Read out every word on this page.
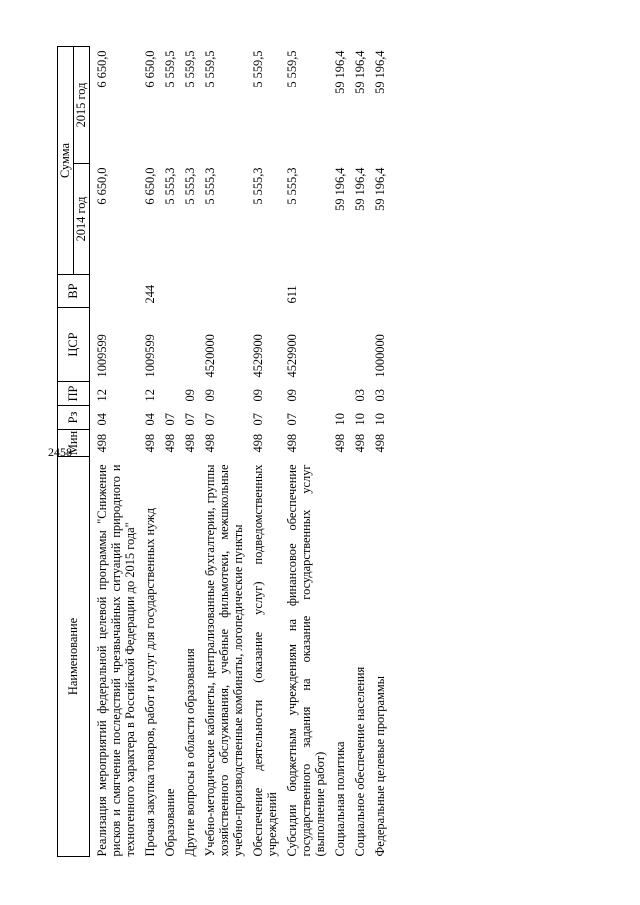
2458
Наименование	Мин	Рз	ПР	ЦСР	ВР	Сумма	
						2014 год	2015 год
Реализация мероприятий федеральной целевой программы "Снижение рисков и смягчение последствий чрезвычайных ситуаций природного и техногенного характера в Российской Федерации до 2015 года"	498	04	12	1009599		6 650,0	6 650,0
Прочая закупка товаров, работ и услуг для государственных нужд	498	04	12	1009599	244	6 650,0	6 650,0
Образование	498	07				5 555,3	5 559,5
Другие вопросы в области образования	498	07	09			5 555,3	5 559,5
Учебно-методические кабинеты, централизованные бухгалтерии, группы хозяйственного обслуживания, учебные фильмотеки, межшкольные учебно-производственные комбинаты, логопедические пункты	498	07	09	4520000		5 555,3	5 559,5
Обеспечение деятельности (оказание услуг) подведомственных учреждений	498	07	09	4529900		5 555,3	5 559,5
Субсидии бюджетным учреждениям на финансовое обеспечение государственного задания на оказание государственных услуг (выполнение работ)	498	07	09	4529900	611	5 555,3	5 559,5
Социальная политика	498	10				59 196,4	59 196,4
Социальное обеспечение населения	498	10	03			59 196,4	59 196,4
Федеральные целевые программы	498	10	03	1000000		59 196,4	59 196,4
